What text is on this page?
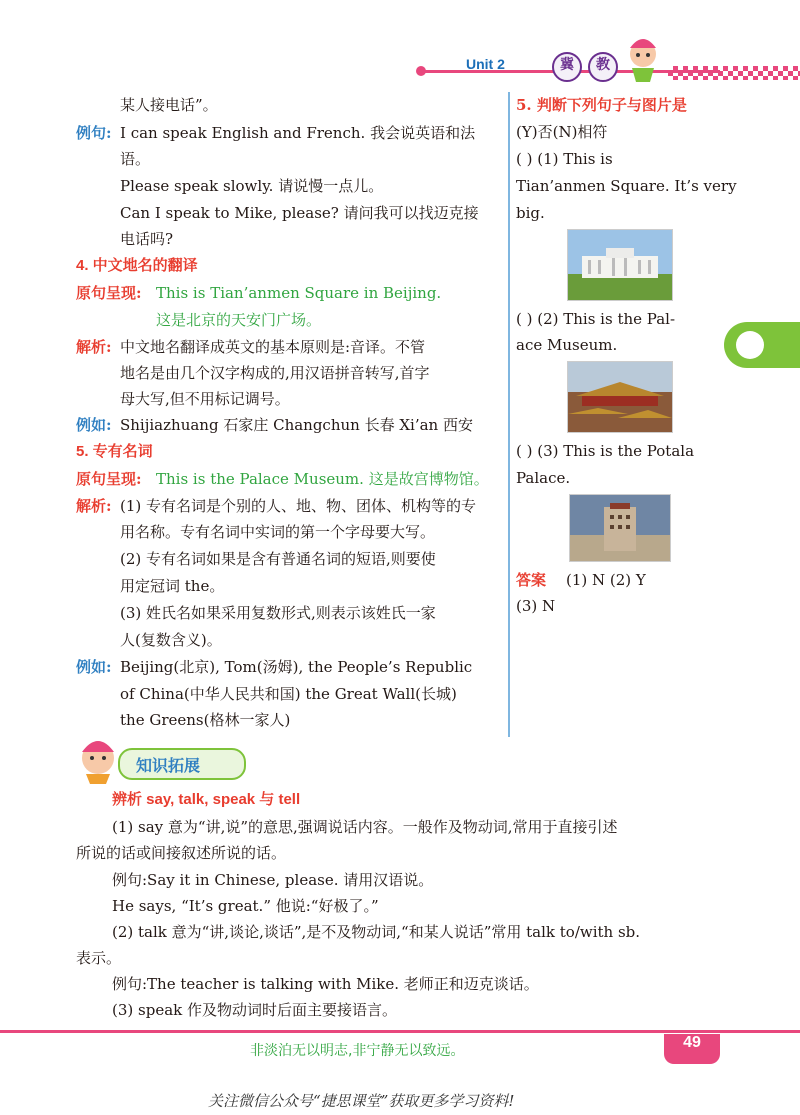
Unit 2	冀	教
某人接电话”。
例句: I can speak English and French. 我会说英语和法
语。
Please speak slowly. 请说慢一点儿。
Can I speak to Mike, please? 请问我可以找迈克接
电话吗?
4. 中文地名的翻译
原句呈现: This is Tian’anmen Square in Beijing.
这是北京的天安门广场。
解析: 中文地名翻译成英文的基本原则是:音译。不管
地名是由几个汉字构成的,用汉语拼音转写,首字
母大写,但不用标记调号。
例如: Shijiazhuang 石家庄 Changchun 长春 Xi’an 西安
5. 专有名词
原句呈现: This is the Palace Museum. 这是故宫博物馆。
解析: (1) 专有名词是个别的人、地、物、团体、机构等的专
用名称。专有名词中实词的第一个字母要大写。
(2) 专有名词如果是含有普通名词的短语,则要使
用定冠词 the。
(3) 姓氏名如果采用复数形式,则表示该姓氏一家
人(复数含义)。
例如: Beijing(北京), Tom(汤姆), the People’s Republic
of China(中华人民共和国) the Great Wall(长城)
the Greens(格林一家人)
5. 判断下列句子与图片是
(Y)否(N)相符
( ) (1) This is
Tian’anmen Square. It’s very
big.
( ) (2) This is the Pal-
ace Museum.
( ) (3) This is the Potala
Palace.
答案 (1) N (2) Y
(3) N
知识拓展
辨析 say, talk, speak 与 tell
(1) say 意为“讲,说”的意思,强调说话内容。一般作及物动词,常用于直接引述
所说的话或间接叙述所说的话。
例句:Say it in Chinese, please. 请用汉语说。
He says, “It’s great.” 他说:“好极了。”
(2) talk 意为“讲,谈论,谈话”,是不及物动词,“和某人说话”常用 talk to/with sb.
表示。
例句:The teacher is talking with Mike. 老师正和迈克谈话。
(3) speak 作及物动词时后面主要接语言。
非淡泊无以明志,非宁静无以致远。	49
关注微信公众号“捷思课堂”获取更多学习资料!
